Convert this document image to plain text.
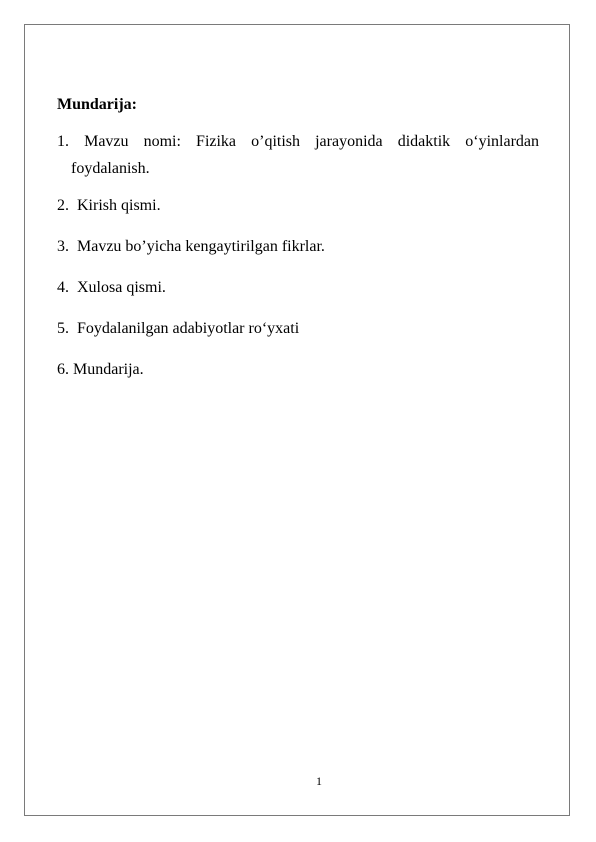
Mundarija:
1. Mavzu nomi: Fizika o’qitish jarayonida didaktik o‘yinlardan foydalanish.
2. Kirish qismi.
3. Mavzu bo’yicha kengaytirilgan fikrlar.
4. Xulosa qismi.
5. Foydalanilgan adabiyotlar ro‘yxati
6. Mundarija.
1
